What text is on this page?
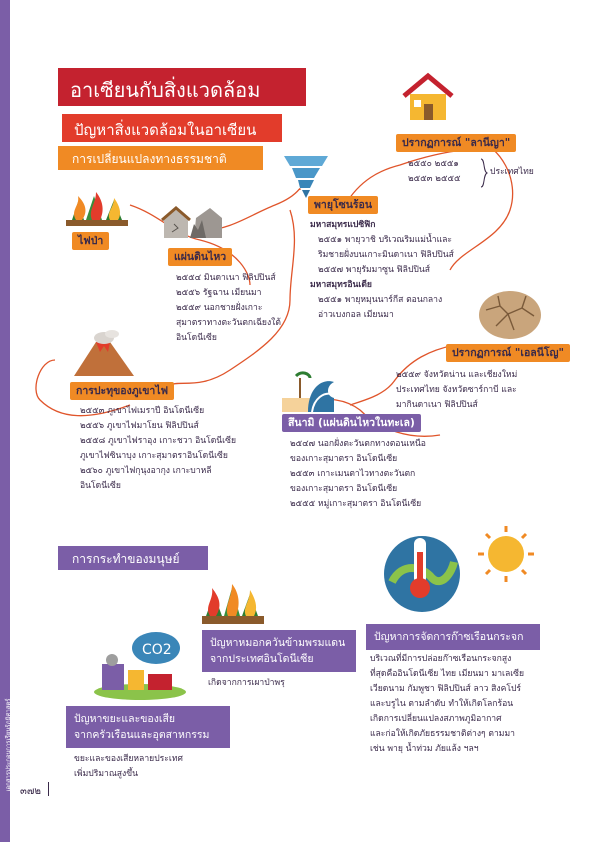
เอกสารประกอบการเรียนรู้ภูมิศาสตร์
อาเซียนกับสิ่งแวดล้อม
ปัญหาสิ่งแวดล้อมในอาเซียน
การเปลี่ยนแปลงทางธรรมชาติ
ไฟป่า
แผ่นดินไหว
๒๕๕๔ มินดาเนา ฟิลิปปินส์
๒๕๕๖ รัฐฉาน เมียนมา
๒๕๕๙ นอกชายฝั่งเกาะ
สุมาตราทางตะวันตกเฉียงใต้
อินโดนีเซีย
การปะทุของภูเขาไฟ
๒๕๕๓ ภูเขาไฟเมราปี อินโดนีเซีย
๒๕๕๖ ภูเขาไฟมาโยน ฟิลิปปินส์
๒๕๕๘ ภูเขาไฟราอุง เกาะชวา อินโดนีเซีย
ภูเขาไฟซินาบุง เกาะสุมาตราอินโดนีเซีย
๒๕๖๐ ภูเขาไฟกุนุงอากุง เกาะบาหลี
อินโดนีเซีย
พายุโซนร้อน
มหาสมุทรแปซิฟิก
๒๕๕๑ พายุวาชิ บริเวณริมแม่น้ำและ
ริมชายฝั่งบนเกาะมินดาเนา ฟิลิปปินส์
๒๕๕๗ พายุรัมมาซูน ฟิลิปปินส์
มหาสมุทรอินเดีย
๒๕๕๑ พายุหมุนนาร์กีส ตอนกลาง
อ่าวเบงกอล เมียนมา
ปรากฏการณ์ "ลานีญา"
๒๕๕๐ ๒๕๕๑
๒๕๕๓ ๒๕๕๕
ประเทศไทย
ปรากฏการณ์ "เอลนีโญ"
๒๕๕๙ จังหวัดน่าน และเชียงใหม่
ประเทศไทย จังหวัดซาร์กาบี และ
มากินดาเนา ฟิลิปปินส์
สึนามิ (แผ่นดินไหวในทะเล)
๒๕๔๗ นอกฝั่งตะวันตกทางตอนเหนือ
ของเกาะสุมาตรา อินโดนีเซีย
๒๕๕๓ เกาะเมนตาไวทางตะวันตก
ของเกาะสุมาตรา อินโดนีเซีย
๒๕๕๕ หมู่เกาะสุมาตรา อินโดนีเซีย
การกระทำของมนุษย์
ปัญหาหมอกควันข้ามพรมแดน
จากประเทศอินโดนีเซีย
เกิดจากการเผาป่าพรุ
CO2
ปัญหาขยะและของเสีย
จากครัวเรือนและอุตสาหกรรม
ขยะและของเสียหลายประเทศ
เพิ่มปริมาณสูงขึ้น
ปัญหาการจัดการก๊าซเรือนกระจก
บริเวณที่มีการปล่อยก๊าซเรือนกระจกสูง
ที่สุดคืออินโดนีเซีย ไทย เมียนมา มาเลเซีย
เวียดนาม กัมพูชา ฟิลิปปินส์ ลาว สิงคโปร์
และบรูไน ตามลำดับ ทำให้เกิดโลกร้อน
เกิดการเปลี่ยนแปลงสภาพภูมิอากาศ
และก่อให้เกิดภัยธรรมชาติต่างๆ ตามมา
เช่น พายุ น้ำท่วม ภัยแล้ง ฯลฯ
๓๗๒
